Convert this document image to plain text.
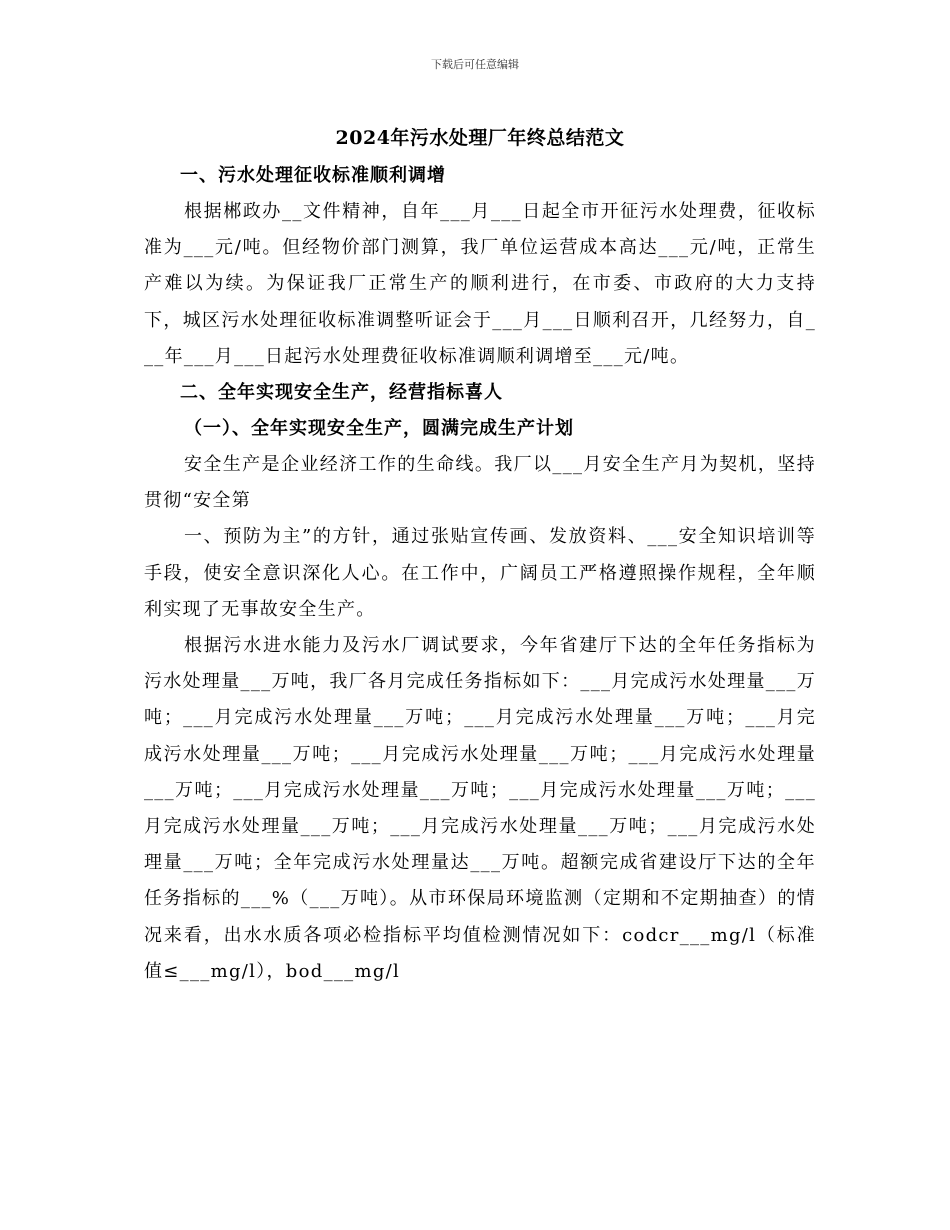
下载后可任意编辑
2024年污水处理厂年终总结范文
一、污水处理征收标准顺利调增

根据郴政办__文件精神，自年___月___日起全市开征污水处理费，征收标准为___元/吨。但经物价部门测算，我厂单位运营成本高达___元/吨，正常生产难以为续。为保证我厂正常生产的顺利进行，在市委、市政府的大力支持下，城区污水处理征收标准调整听证会于___月___日顺利召开，几经努力，自___年___月___日起污水处理费征收标准调顺利调增至___元/吨。

二、全年实现安全生产，经营指标喜人
（一）、全年实现安全生产，圆满完成生产计划

安全生产是企业经济工作的生命线。我厂以___月安全生产月为契机，坚持贯彻“安全第

一、预防为主”的方针，通过张贴宣传画、发放资料、___安全知识培训等手段，使安全意识深化人心。在工作中，广阔员工严格遵照操作规程，全年顺利实现了无事故安全生产。

根据污水进水能力及污水厂调试要求，今年省建厅下达的全年任务指标为污水处理量___万吨，我厂各月完成任务指标如下：___月完成污水处理量___万吨；___月完成污水处理量___万吨；___月完成污水处理量___万吨；___月完成污水处理量___万吨；___月完成污水处理量___万吨；___月完成污水处理量___万吨；___月完成污水处理量___万吨；___月完成污水处理量___万吨；___月完成污水处理量___万吨；___月完成污水处理量___万吨；___月完成污水处理量___万吨；全年完成污水处理量达___万吨。超额完成省建设厅下达的全年任务指标的___%（___万吨）。从市环保局环境监测（定期和不定期抽查）的情况来看，出水水质各项必检指标平均值检测情况如下：codcr___mg/l（标准值≤___mg/l），bod___mg/l
